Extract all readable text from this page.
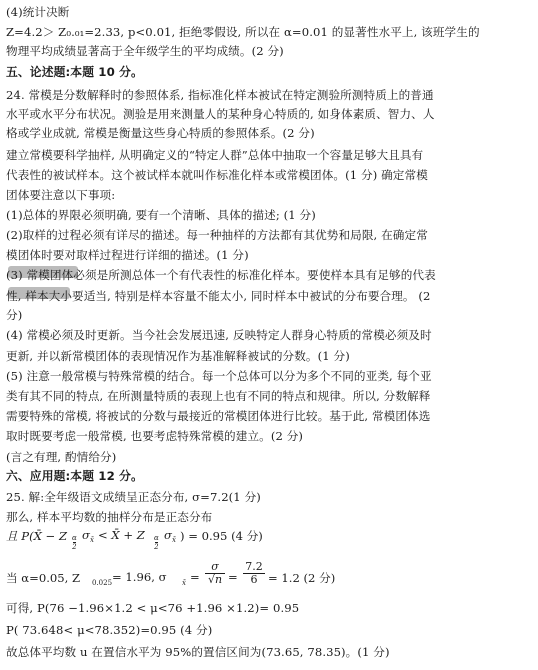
(4)统计决断
Z=4.2＞ Z₀.₀₁=2.33, p<0.01, 拒绝零假设, 所以在 α=0.01 的显著性水平上, 该班学生的
物理平均成绩显著高于全年级学生的平均成绩。(2 分)
五、论述题:本题 10 分。
24. 常模是分数解释时的参照体系, 指标准化样本被试在特定测验所测特质上的普通
水平或水平分布状况。测验是用来测量人的某种身心特质的, 如身体素质、智力、人
格或学业成就, 常模是衡量这些身心特质的参照体系。(2 分)
建立常模要科学抽样, 从明确定义的“特定人群”总体中抽取一个容量足够大且具有
代表性的被试样本。这个被试样本就叫作标准化样本或常模团体。(1 分) 确定常模
团体要注意以下事项:
(1)总体的界限必须明确, 要有一个清晰、具体的描述; (1 分)
(2)取样的过程必须有详尽的描述。每一种抽样的方法都有其优势和局限, 在确定常
模团体时要对取样过程进行详细的描述。(1 分)
(3) 常模团体必须是所测总体一个有代表性的标准化样本。要使样本具有足够的代表
性, 样本大小要适当, 特别是样本容量不能太小, 同时样本中被试的分布要合理。 (2
分)
(4) 常模必须及时更新。当今社会发展迅速, 反映特定人群身心特质的常模必须及时
更新, 并以新常模团体的表现情况作为基准解释被试的分数。(1 分)
(5) 注意一般常模与特殊常模的结合。每一个总体可以分为多个不同的亚类, 每个亚
类有其不同的特点, 在所测量特质的表现上也有不同的特点和规律。所以, 分数解释
需要特殊的常模, 将被试的分数与最接近的常模团体进行比较。基于此, 常模团体选
取时既要考虑一般常模, 也要考虑特殊常模的建立。(2 分)
(言之有理, 酌情给分)
六、应用题:本题 12 分。
25. 解:全年级语文成绩呈正态分布, σ=7.2(1 分)
那么, 样本平均数的抽样分布是正态分布
且 P(X̄ − Z α
2
σ x̄ < X̄ + Z α
2
σ x̄ ) = 0.95 (4 分)
当 α=0.05, Z 0.025 = 1.96, σ x̄ =
σ
√n =
7.2
6 = 1.2 (2 分)
可得, P(76 −1.96×1.2 < μ<76 +1.96 ×1.2)= 0.95
P( 73.648< μ<78.352)=0.95 (4 分)
故总体平均数 u 在置信水平为 95%的置信区间为(73.65, 78.35)。(1 分)
